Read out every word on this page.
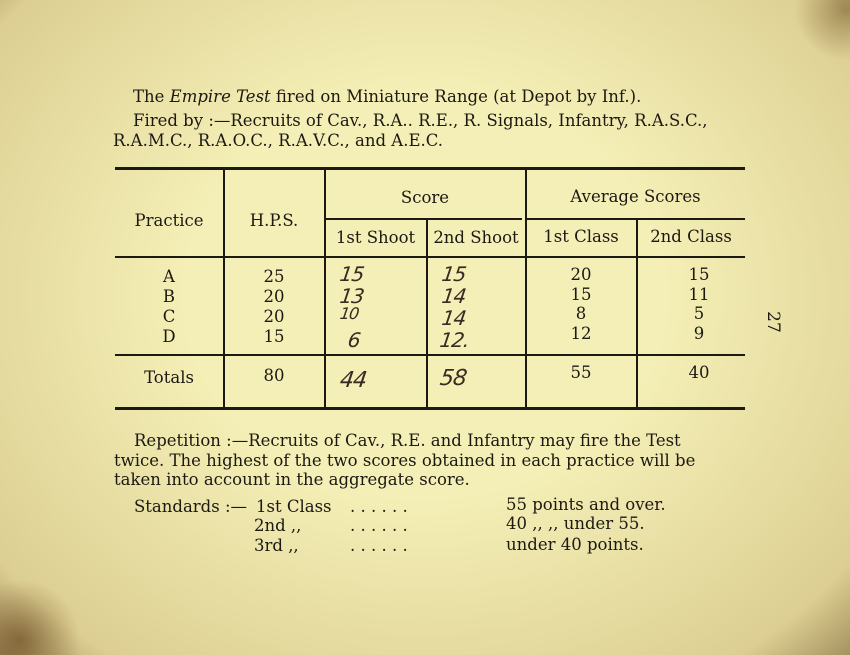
The Empire Test fired on Miniature Range (at Depot by Inf.).
Fired by :—Recruits of Cav., R.A.. R.E., R. Signals, Infantry, R.A.S.C.,
R.A.M.C., R.A.O.C., R.A.V.C., and A.E.C.
Practice	H.P.S.
Score
1st Shoot	2nd Shoot
Average Scores
1st Class	2nd Class
A	25	15	15	20	15
B	20	13	14	15	11
C	20	10	14	8	5
D	15	6	12.	12	9
Totals	80	44	58	55	40
Repetition :—Recruits of Cav., R.E. and Infantry may fire the Test
twice. The highest of the two scores obtained in each practice will be
taken into account in the aggregate score.
Standards :— 1st Class . . . . . .	55 points and over.
2nd ,,	. . . . . .	40 ,, ,, under 55.
3rd ,,	. . . . . .	under 40 points.
27
